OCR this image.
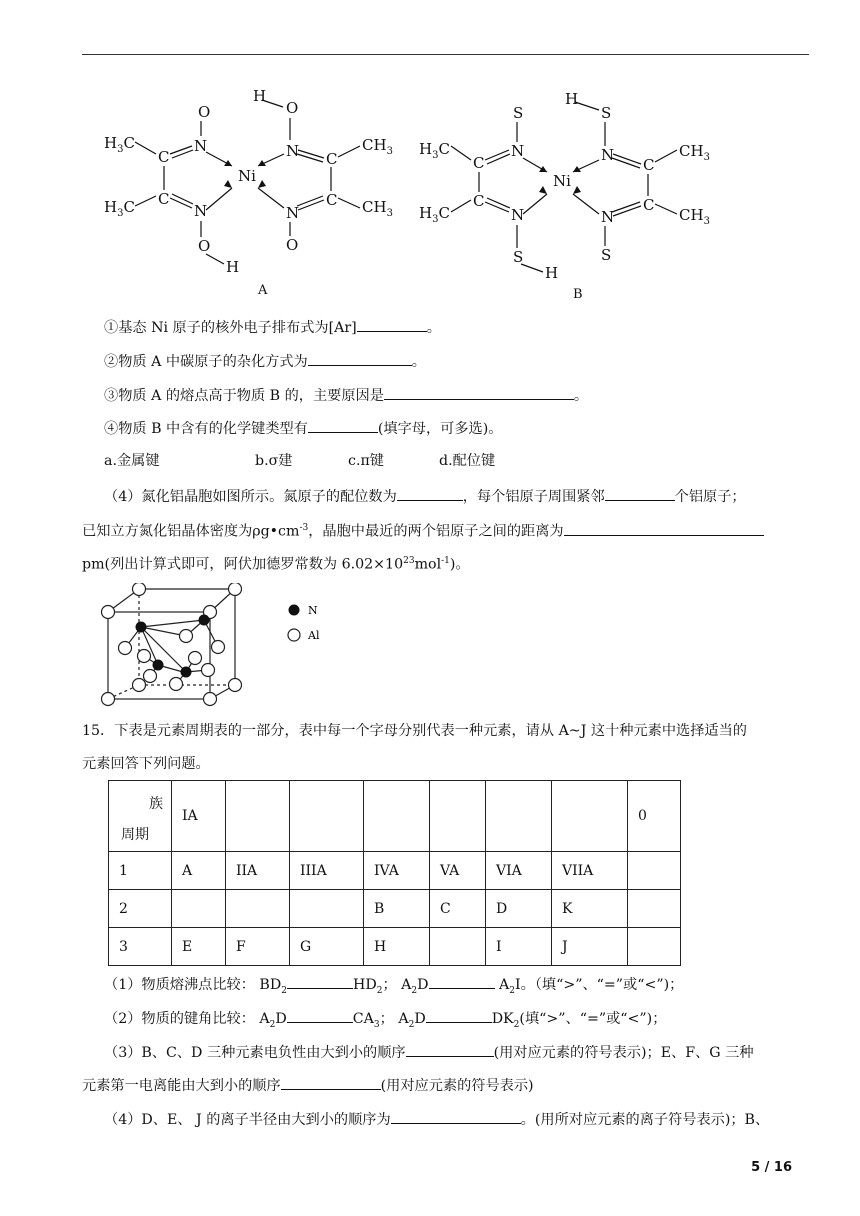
O
H
O
N	N
N	N
C
C
C
C
Ni
$H_3C$
$H_3C$
$CH_3$
$CH_3$
O
H
O
A
S
H
S
N	N
N	N
C
C
C
C
Ni
$H_3C$
$H_3C$
$CH_3$
$CH_3$
S
H
S
B
①基态 Ni 原子的核外电子排布式为[Ar]	。
②物质 A 中碳原子的杂化方式为	。
③物质 A 的熔点高于物质 B 的，主要原因是	。
④物质 B 中含有的化学键类型有	(填字母，可多选)。
a.金属键	b.σ建	c.π键	d.配位键
（4）氮化铝晶胞如图所示。氮原子的配位数为	，每个铝原子周围紧邻	个铝原子；
已知立方氮化铝晶体密度为$\rho g•cm^{-3}$，晶胞中最近的两个铝原子之间的距离为
pm(列出计算式即可，阿伏加德罗常数为 $6.02\times 10^{23}mol^{-1}$)。
N
Al
15．下表是元素周期表的一部分，表中每一个字母分别代表一种元素，请从 A~J 这十种元素中选择适当的
元素回答下列问题。
族
周期	IA							0
1	A	IIA	IIIA	IVA	VA	VIA	VIIA	
2				B	C	D	K	
3	E	F	G	H		I	J	
（1）物质熔沸点比较： $BD_2$	$HD_2$； $A_2D$	$A_2I$。（填“>”、“=”或“<”)；
（2）物质的键角比较： $A_2D$	$CA_3$； $A_2D$	$DK_2$(填“>”、“=”或“<”)；
（3）B、C、D 三种元素电负性由大到小的顺序	(用对应元素的符号表示)；E、F、G 三种
元素第一电离能由大到小的顺序	(用对应元素的符号表示)
（4）D、E、 J 的离子半径由大到小的顺序为	。(用所对应元素的离子符号表示)；B、
5 / 16
